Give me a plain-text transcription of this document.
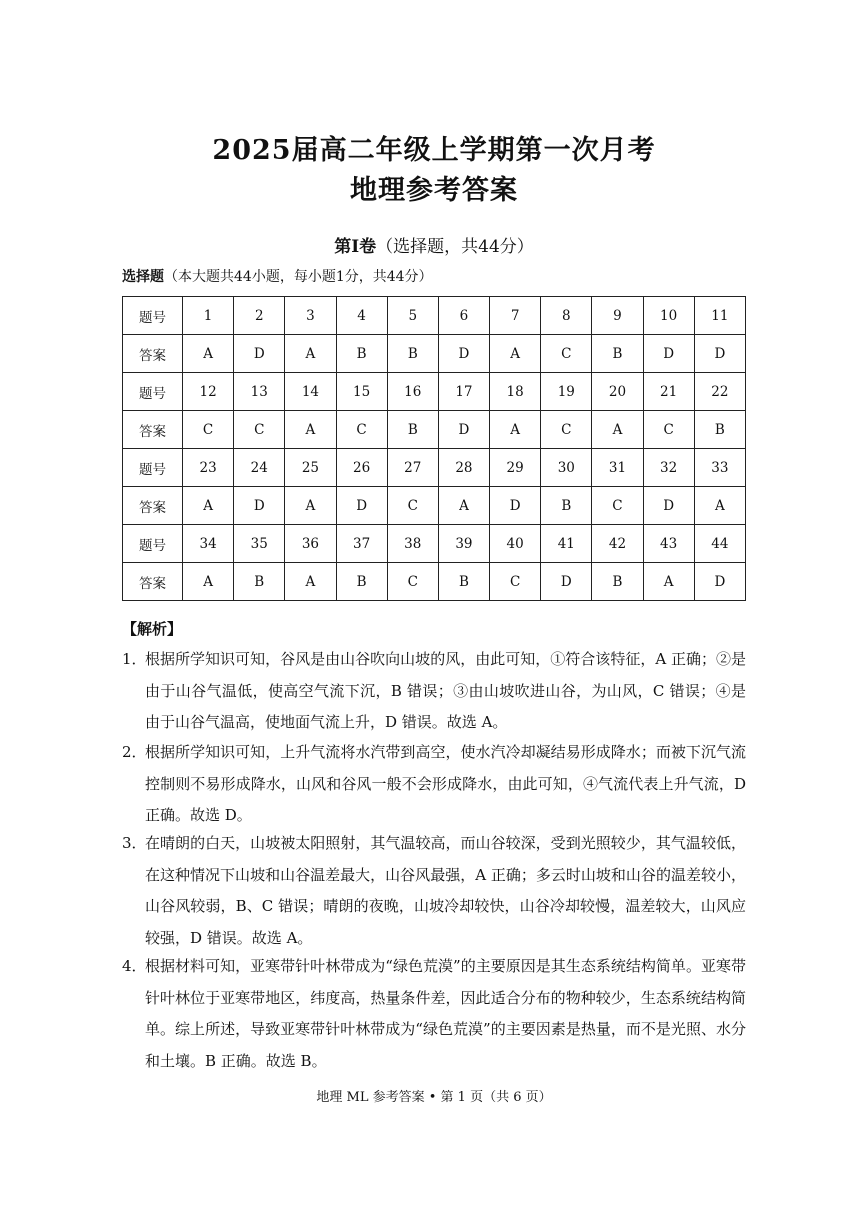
2025届高二年级上学期第一次月考
地理参考答案
第Ⅰ卷（选择题，共44分）
选择题（本大题共44小题，每小题1分，共44分）
题号	1	2	3	4	5	6	7	8	9	10	11
答案	A	D	A	B	B	D	A	C	B	D	D
题号	12	13	14	15	16	17	18	19	20	21	22
答案	C	C	A	C	B	D	A	C	A	C	B
题号	23	24	25	26	27	28	29	30	31	32	33
答案	A	D	A	D	C	A	D	B	C	D	A
题号	34	35	36	37	38	39	40	41	42	43	44
答案	A	B	A	B	C	B	C	D	B	A	D
【解析】
1．
根据所学知识可知，谷风是由山谷吹向山坡的风，由此可知，①符合该特征，A 正确；②是由于山谷气温低，使高空气流下沉，B 错误；③由山坡吹进山谷，为山风，C 错误；④是由于山谷气温高，使地面气流上升，D 错误。故选 A。
2．
根据所学知识可知，上升气流将水汽带到高空，使水汽冷却凝结易形成降水；而被下沉气流控制则不易形成降水，山风和谷风一般不会形成降水，由此可知，④气流代表上升气流，D 正确。故选 D。
3．
在晴朗的白天，山坡被太阳照射，其气温较高，而山谷较深，受到光照较少，其气温较低，在这种情况下山坡和山谷温差最大，山谷风最强，A 正确；多云时山坡和山谷的温差较小，山谷风较弱，B、C 错误；晴朗的夜晚，山坡冷却较快，山谷冷却较慢，温差较大，山风应较强，D 错误。故选 A。
4．
根据材料可知，亚寒带针叶林带成为“绿色荒漠”的主要原因是其生态系统结构简单。亚寒带针叶林位于亚寒带地区，纬度高，热量条件差，因此适合分布的物种较少，生态系统结构简单。综上所述，导致亚寒带针叶林带成为“绿色荒漠”的主要因素是热量，而不是光照、水分和土壤。B 正确。故选 B。
地理 ML 参考答案 • 第 1 页（共 6 页）
